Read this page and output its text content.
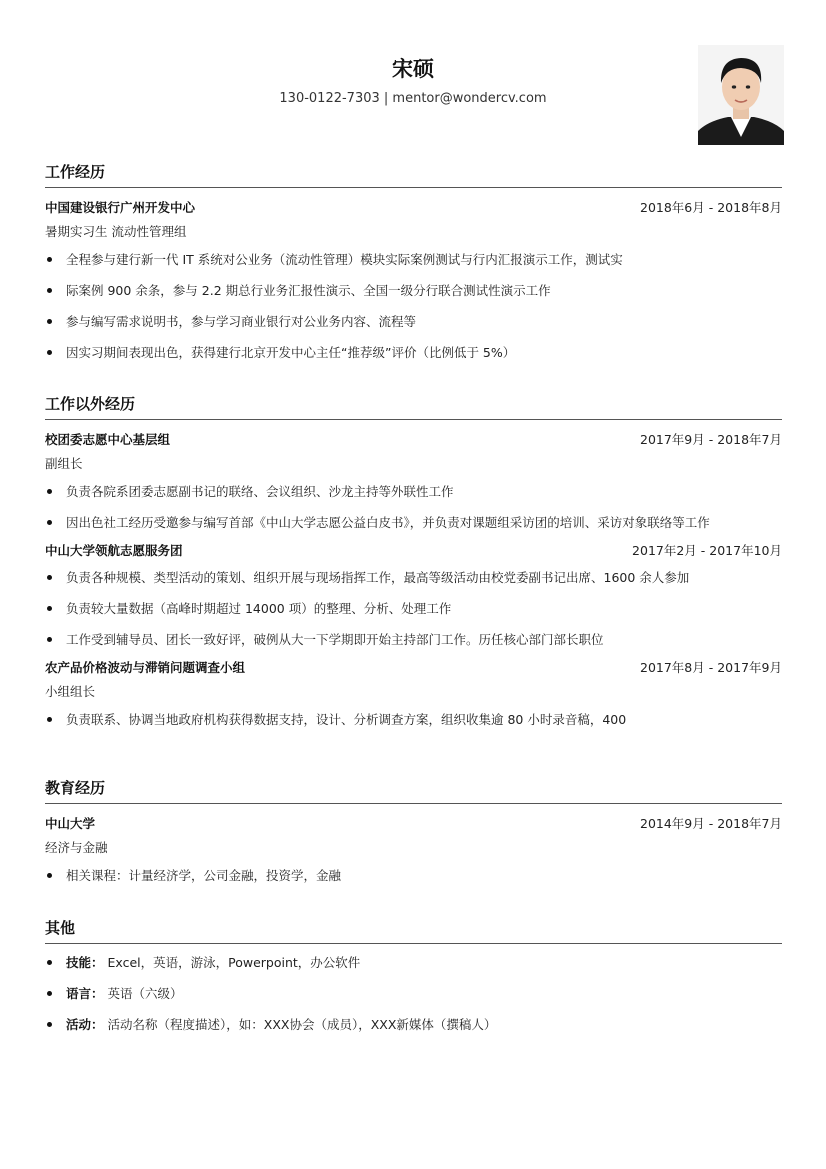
宋硕
130-0122-7303 | mentor@wondercv.com
工作经历
中国建设银行广州开发中心	2018年6月 - 2018年8月
暑期实习生 流动性管理组
全程参与建行新一代 IT 系统对公业务（流动性管理）模块实际案例测试与行内汇报演示工作，测试实
际案例 900 余条，参与 2.2 期总行业务汇报性演示、全国一级分行联合测试性演示工作
参与编写需求说明书，参与学习商业银行对公业务内容、流程等
因实习期间表现出色，获得建行北京开发中心主任“推荐级”评价（比例低于 5%）
工作以外经历
校团委志愿中心基层组	2017年9月 - 2018年7月
副组长
负责各院系团委志愿副书记的联络、会议组织、沙龙主持等外联性工作
因出色社工经历受邀参与编写首部《中山大学志愿公益白皮书》，并负责对课题组采访团的培训、采访对象联络等工作
中山大学领航志愿服务团	2017年2月 - 2017年10月
负责各种规模、类型活动的策划、组织开展与现场指挥工作，最高等级活动由校党委副书记出席、1600 余人参加
负责较大量数据（高峰时期超过 14000 项）的整理、分析、处理工作
工作受到辅导员、团长一致好评，破例从大一下学期即开始主持部门工作。历任核心部门部长职位
农产品价格波动与滞销问题调查小组	2017年8月 - 2017年9月
小组组长
负责联系、协调当地政府机构获得数据支持，设计、分析调查方案，组织收集逾 80 小时录音稿，400
教育经历
中山大学	2014年9月 - 2018年7月
经济与金融
相关课程：计量经济学，公司金融，投资学，金融
其他
技能： Excel，英语，游泳，Powerpoint，办公软件
语言： 英语（六级）
活动： 活动名称（程度描述），如：XXX协会（成员），XXX新媒体（撰稿人）
